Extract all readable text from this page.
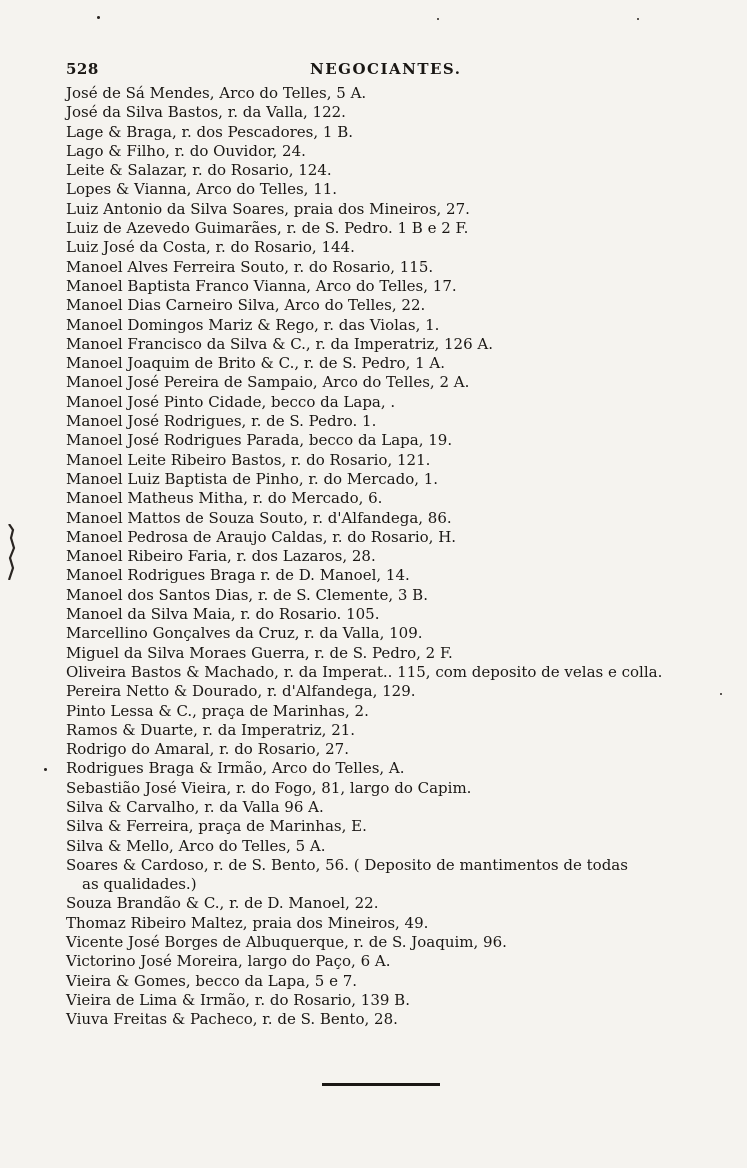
528	NEGOCIANTES.
José de Sá Mendes, Arco do Telles, 5 A.
José da Silva Bastos, r. da Valla, 122.
Lage & Braga, r. dos Pescadores, 1 B.
Lago & Filho, r. do Ouvidor, 24.
Leite & Salazar, r. do Rosario, 124.
Lopes & Vianna, Arco do Telles, 11.
Luiz Antonio da Silva Soares, praia dos Mineiros, 27.
Luiz de Azevedo Guimarães, r. de S. Pedro. 1 B e 2 F.
Luiz José da Costa, r. do Rosario, 144.
Manoel Alves Ferreira Souto, r. do Rosario, 115.
Manoel Baptista Franco Vianna, Arco do Telles, 17.
Manoel Dias Carneiro Silva, Arco do Telles, 22.
Manoel Domingos Mariz & Rego, r. das Violas, 1.
Manoel Francisco da Silva & C., r. da Imperatriz, 126 A.
Manoel Joaquim de Brito & C., r. de S. Pedro, 1 A.
Manoel José Pereira de Sampaio, Arco do Telles, 2 A.
Manoel José Pinto Cidade, becco da Lapa, .
Manoel José Rodrigues, r. de S. Pedro. 1.
Manoel José Rodrigues Parada, becco da Lapa, 19.
Manoel Leite Ribeiro Bastos, r. do Rosario, 121.
Manoel Luiz Baptista de Pinho, r. do Mercado, 1.
Manoel Matheus Mitha, r. do Mercado, 6.
Manoel Mattos de Souza Souto, r. d'Alfandega, 86.
Manoel Pedrosa de Araujo Caldas, r. do Rosario, H.
Manoel Ribeiro Faria, r. dos Lazaros, 28.
Manoel Rodrigues Braga r. de D. Manoel, 14.
Manoel dos Santos Dias, r. de S. Clemente, 3 B.
Manoel da Silva Maia, r. do Rosario. 105.
Marcellino Gonçalves da Cruz, r. da Valla, 109.
Miguel da Silva Moraes Guerra, r. de S. Pedro, 2 F.
Oliveira Bastos & Machado, r. da Imperat.. 115, com deposito de velas e colla.
Pereira Netto & Dourado, r. d'Alfandega, 129.
Pinto Lessa & C., praça de Marinhas, 2.
Ramos & Duarte, r. da Imperatriz, 21.
Rodrigo do Amaral, r. do Rosario, 27.
Rodrigues Braga & Irmão, Arco do Telles, A.
Sebastião José Vieira, r. do Fogo, 81, largo do Capim.
Silva & Carvalho, r. da Valla 96 A.
Silva & Ferreira, praça de Marinhas, E.
Silva & Mello, Arco do Telles, 5 A.
Soares & Cardoso, r. de S. Bento, 56. ( Deposito de mantimentos de todas
as qualidades.)
Souza Brandão & C., r. de D. Manoel, 22.
Thomaz Ribeiro Maltez, praia dos Mineiros, 49.
Vicente José Borges de Albuquerque, r. de S. Joaquim, 96.
Victorino José Moreira, largo do Paço, 6 A.
Vieira & Gomes, becco da Lapa, 5 e 7.
Vieira de Lima & Irmão, r. do Rosario, 139 B.
Viuva Freitas & Pacheco, r. de S. Bento, 28.
